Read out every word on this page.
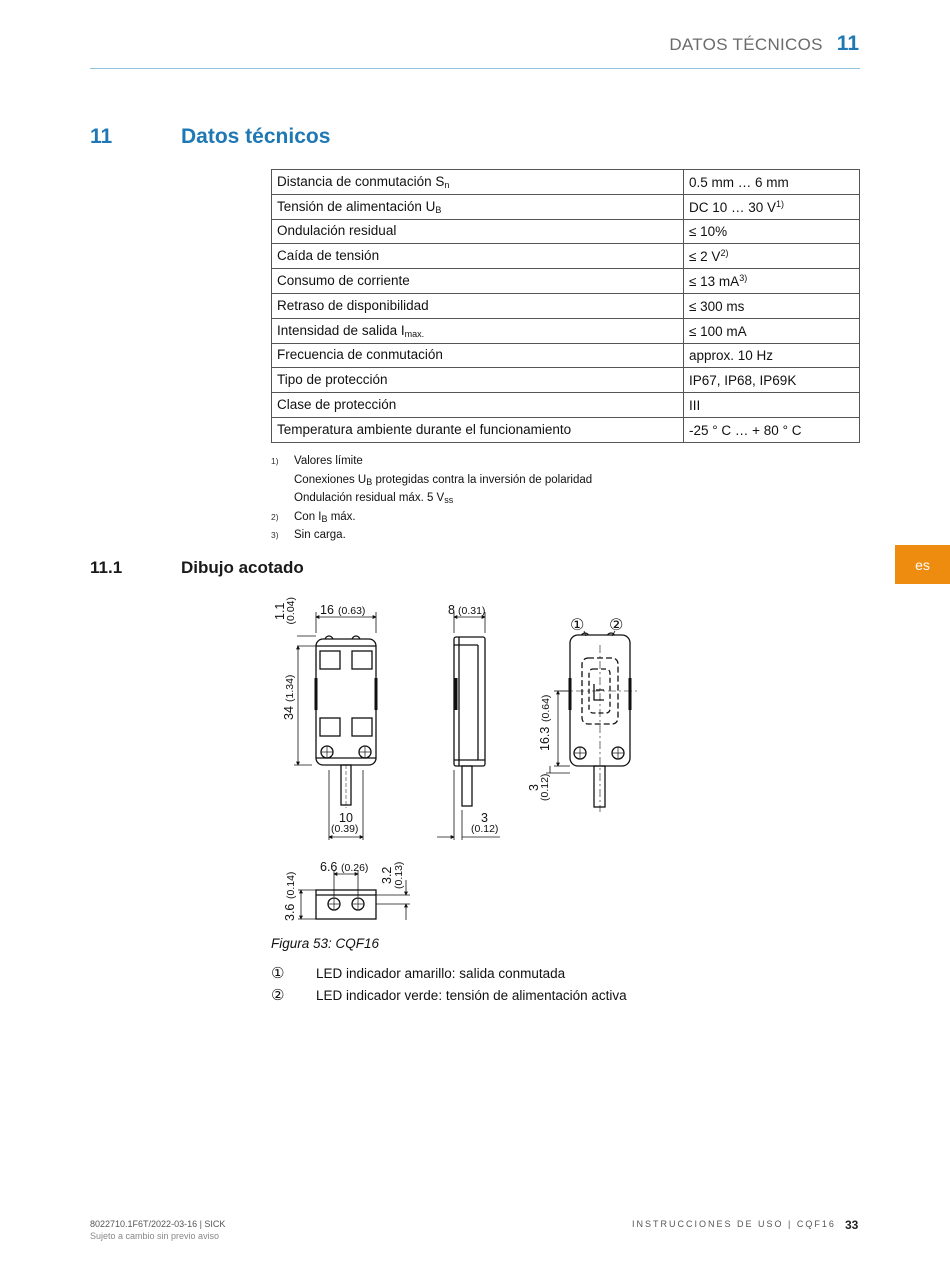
DATOS TÉCNICOS 11
11	Datos técnicos
Distancia de conmutación $S_n$	0.5 mm … 6 mm
Tensión de alimentación $U_B$	DC 10 … 30 $V^{1)}$
Ondulación residual	≤ 10%
Caída de tensión	≤ 2 $V^{2)}$
Consumo de corriente	≤ 13 $mA^{3)}$
Retraso de disponibilidad	≤ 300 ms
Intensidad de salida $I_{max.}$	≤ 100 mA
Frecuencia de conmutación	approx. 10 Hz
Tipo de protección	IP67, IP68, IP69K
Clase de protección	III
Temperatura ambiente durante el funcionamiento	-25 ° C … + 80 ° C
1)	Valores límite
Conexiones $U_B$ protegidas contra la inversión de polaridad
Ondulación residual máx. 5 $V_{ss}$
2)	Con $I_B$ máx.
3)	Sin carga.
es
11.1	Dibujo acotado
1.1
(0.04) 16 (0.63)
34
(1.34)
10
(0.39)
8 (0.31)
3
(0.12)
16.3
(0.64)
3
(0.12)
① ②
6.6 (0.26) 3.2 (0.13)
3.6
(0.14)
Figura 53: CQF16
①	LED indicador amarillo: salida conmutada
②	LED indicador verde: tensión de alimentación activa
8022710.1F6T/2022-03-16 | SICK
Sujeto a cambio sin previo aviso
INSTRUCCIONES DE USO | CQF16 33
